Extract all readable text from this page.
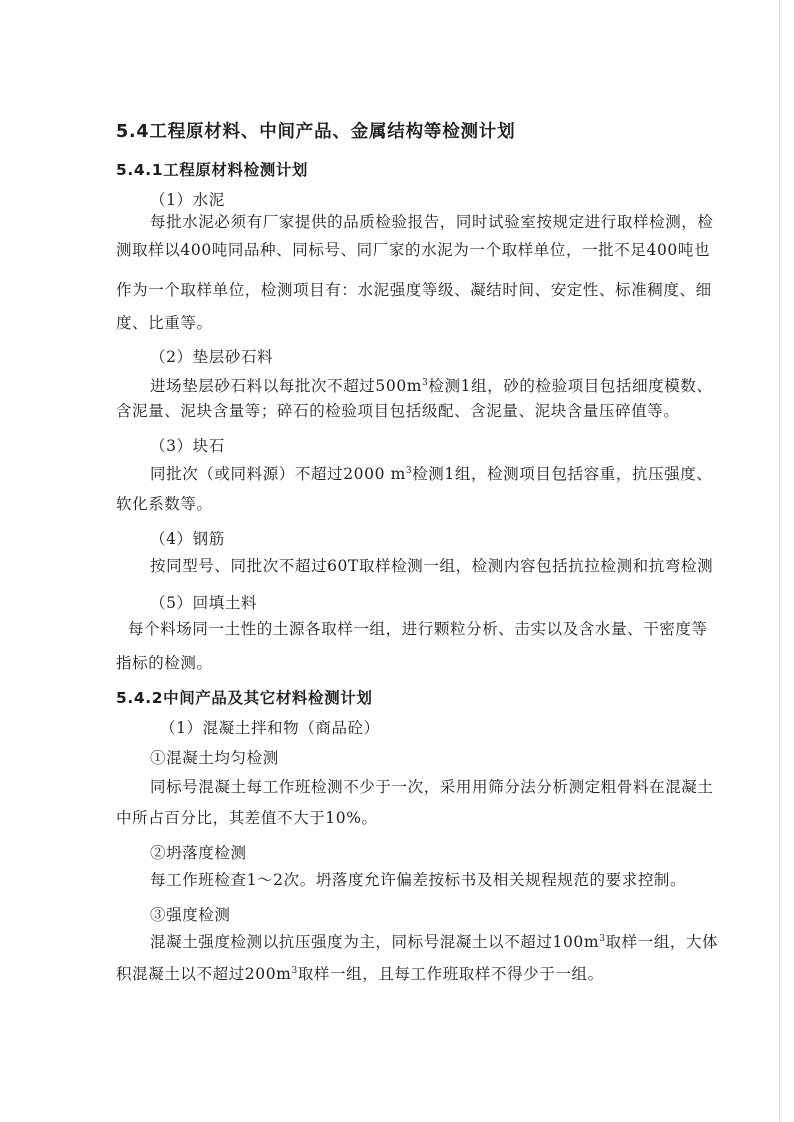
5.4工程原材料、中间产品、金属结构等检测计划
5.4.1工程原材料检测计划
（1）水泥
每批水泥必须有厂家提供的品质检验报告，同时试验室按规定进行取样检测，检
测取样以400吨同品种、同标号、同厂家的水泥为一个取样单位，一批不足400吨也
作为一个取样单位，检测项目有：水泥强度等级、凝结时间、安定性、标准稠度、细
度、比重等。
（2）垫层砂石料
进场垫层砂石料以每批次不超过$500m^3$检测1组，砂的检验项目包括细度模数、
含泥量、泥块含量等；碎石的检验项目包括级配、含泥量、泥块含量压碎值等。
（3）块石
同批次（或同料源）不超过2000 $m^3$检测1组，检测项目包括容重，抗压强度、
软化系数等。
（4）钢筋
按同型号、同批次不超过60T取样检测一组，检测内容包括抗拉检测和抗弯检测
（5）回填土料
每个料场同一土性的土源各取样一组，进行颗粒分析、击实以及含水量、干密度等
指标的检测。
5.4.2中间产品及其它材料检测计划
（1）混凝土拌和物（商品砼）
①混凝土均匀检测
同标号混凝土每工作班检测不少于一次，采用用筛分法分析测定粗骨料在混凝土
中所占百分比，其差值不大于10%。
②坍落度检测
每工作班检查1～2次。坍落度允许偏差按标书及相关规程规范的要求控制。
③强度检测
混凝土强度检测以抗压强度为主，同标号混凝土以不超过$100m^3$取样一组，大体
积混凝土以不超过$200m^3$取样一组，且每工作班取样不得少于一组。
